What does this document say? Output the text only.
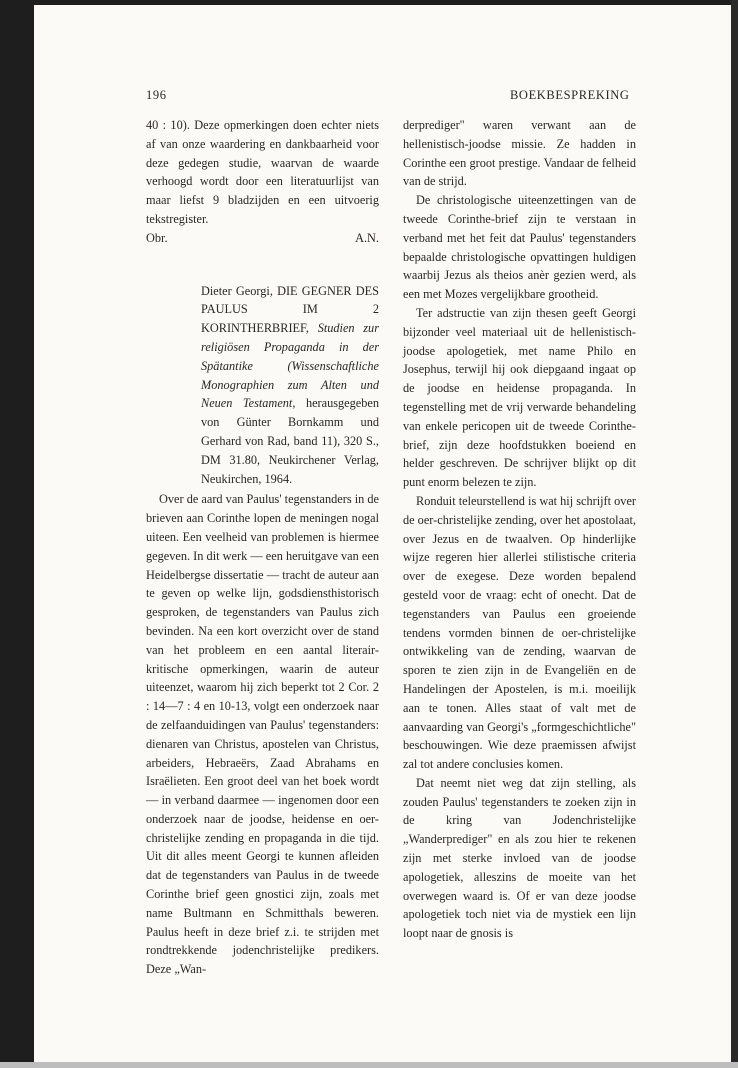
196	BOEKBESPREKING

40 : 10). Deze opmerkingen doen echter niets af van onze waardering en dankbaarheid voor deze gedegen studie, waarvan de waarde verhoogd wordt door een literatuurlijst van maar liefst 9 bladzijden en een uitvoerig tekstregister.

Obr.	A.N.
Dieter Georgi, DIE GEGNER DES PAULUS IM 2 KORINTHERBRIEF, Studien zur religiösen Propaganda in der Spätantike (Wissenschaftliche Monographien zum Alten und Neuen Testament, herausgegeben von Günter Bornkamm und Gerhard von Rad, band 11), 320 S., DM 31.80, Neukirchener Verlag, Neukirchen, 1964.

Over de aard van Paulus' tegenstanders in de brieven aan Corinthe lopen de meningen nogal uiteen. Een veelheid van problemen is hiermee gegeven. In dit werk — een heruitgave van een Heidelbergse dissertatie — tracht de auteur aan te geven op welke lijn, godsdiensthistorisch gesproken, de tegenstanders van Paulus zich bevinden. Na een kort overzicht over de stand van het probleem en een aantal literair-kritische opmerkingen, waarin de auteur uiteenzet, waarom hij zich beperkt tot 2 Cor. 2 : 14—7 : 4 en 10-13, volgt een onderzoek naar de zelfaanduidingen van Paulus' tegenstanders: dienaren van Christus, apostelen van Christus, arbeiders, Hebraeërs, Zaad Abrahams en Israëlieten. Een groot deel van het boek wordt — in verband daarmee — ingenomen door een onderzoek naar de joodse, heidense en oer-christelijke zending en propaganda in die tijd. Uit dit alles meent Georgi te kunnen afleiden dat de tegenstanders van Paulus in de tweede Corinthe brief geen gnostici zijn, zoals met name Bultmann en Schmitthals beweren. Paulus heeft in deze brief z.i. te strijden met rondtrekkende jodenchristelijke predikers. Deze „Wan-

derprediger" waren verwant aan de hellenistisch-joodse missie. Ze hadden in Corinthe een groot prestige. Vandaar de felheid van de strijd.

De christologische uiteenzettingen van de tweede Corinthe-brief zijn te verstaan in verband met het feit dat Paulus' tegenstanders bepaalde christologische opvattingen huldigen waarbij Jezus als theios anèr gezien werd, als een met Mozes vergelijkbare grootheid.

Ter adstructie van zijn thesen geeft Georgi bijzonder veel materiaal uit de hellenistisch-joodse apologetiek, met name Philo en Josephus, terwijl hij ook diepgaand ingaat op de joodse en heidense propaganda. In tegenstelling met de vrij verwarde behandeling van enkele pericopen uit de tweede Corinthe-brief, zijn deze hoofdstukken boeiend en helder geschreven. De schrijver blijkt op dit punt enorm belezen te zijn.

Ronduit teleurstellend is wat hij schrijft over de oer-christelijke zending, over het apostolaat, over Jezus en de twaalven. Op hinderlijke wijze regeren hier allerlei stilistische criteria over de exegese. Deze worden bepalend gesteld voor de vraag: echt of onecht. Dat de tegenstanders van Paulus een groeiende tendens vormden binnen de oer-christelijke ontwikkeling van de zending, waarvan de sporen te zien zijn in de Evangeliën en de Handelingen der Apostelen, is m.i. moeilijk aan te tonen. Alles staat of valt met de aanvaarding van Georgi's „formgeschichtliche" beschouwingen. Wie deze praemissen afwijst zal tot andere conclusies komen.

Dat neemt niet weg dat zijn stelling, als zouden Paulus' tegenstanders te zoeken zijn in de kring van Jodenchristelijke „Wanderprediger" en als zou hier te rekenen zijn met sterke invloed van de joodse apologetiek, alleszins de moeite van het overwegen waard is. Of er van deze joodse apologetiek toch niet via de mystiek een lijn loopt naar de gnosis is
